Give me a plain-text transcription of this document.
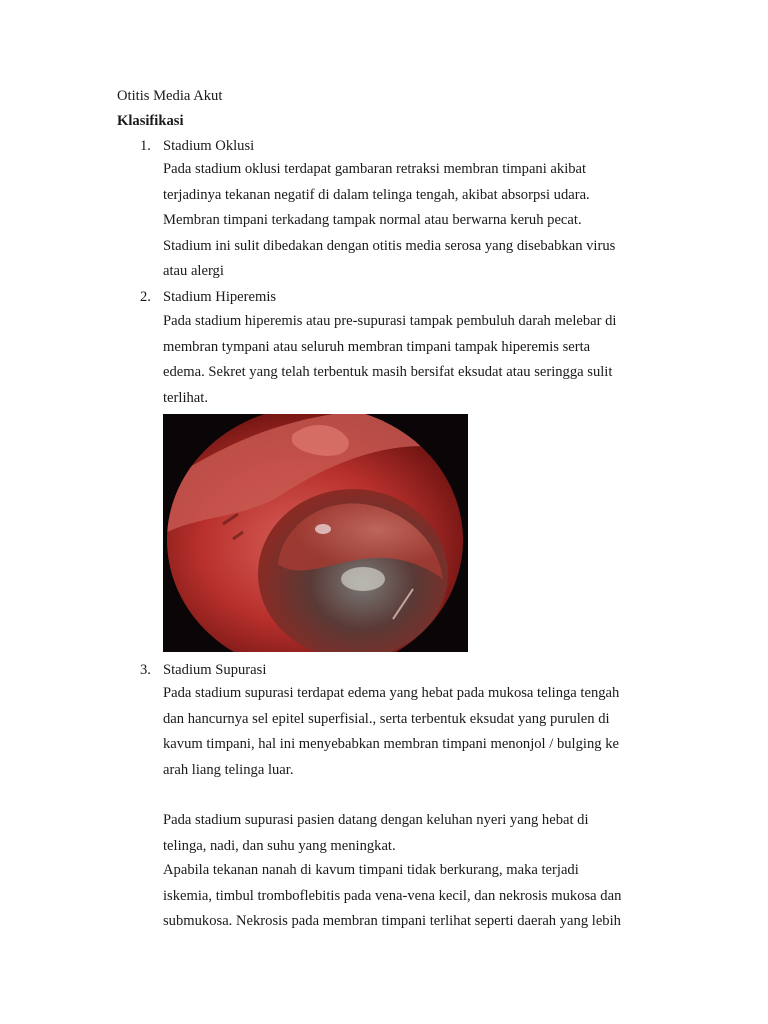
Otitis Media Akut
Klasifikasi
1. Stadium Oklusi
Pada stadium oklusi terdapat gambaran retraksi membran timpani akibat
terjadinya tekanan negatif di dalam telinga tengah, akibat absorpsi udara.
Membran timpani terkadang tampak normal atau berwarna keruh pecat.
Stadium ini sulit dibedakan dengan otitis media serosa yang disebabkan virus
atau alergi
2. Stadium Hiperemis
Pada stadium hiperemis atau pre-supurasi tampak pembuluh darah melebar di
membran tympani atau seluruh membran timpani tampak hiperemis serta
edema. Sekret yang telah terbentuk masih bersifat eksudat atau seringga sulit
terlihat.
3. Stadium Supurasi
Pada stadium supurasi terdapat edema yang hebat pada mukosa telinga tengah
dan hancurnya sel epitel superfisial., serta terbentuk eksudat yang purulen di
kavum timpani, hal ini menyebabkan membran timpani menonjol / bulging ke
arah liang telinga luar.
Pada stadium supurasi pasien datang dengan keluhan nyeri yang hebat di
telinga, nadi, dan suhu yang meningkat.
Apabila tekanan nanah di kavum timpani tidak berkurang, maka terjadi
iskemia, timbul tromboflebitis pada vena-vena kecil, dan nekrosis mukosa dan
submukosa. Nekrosis pada membran timpani terlihat seperti daerah yang lebih
